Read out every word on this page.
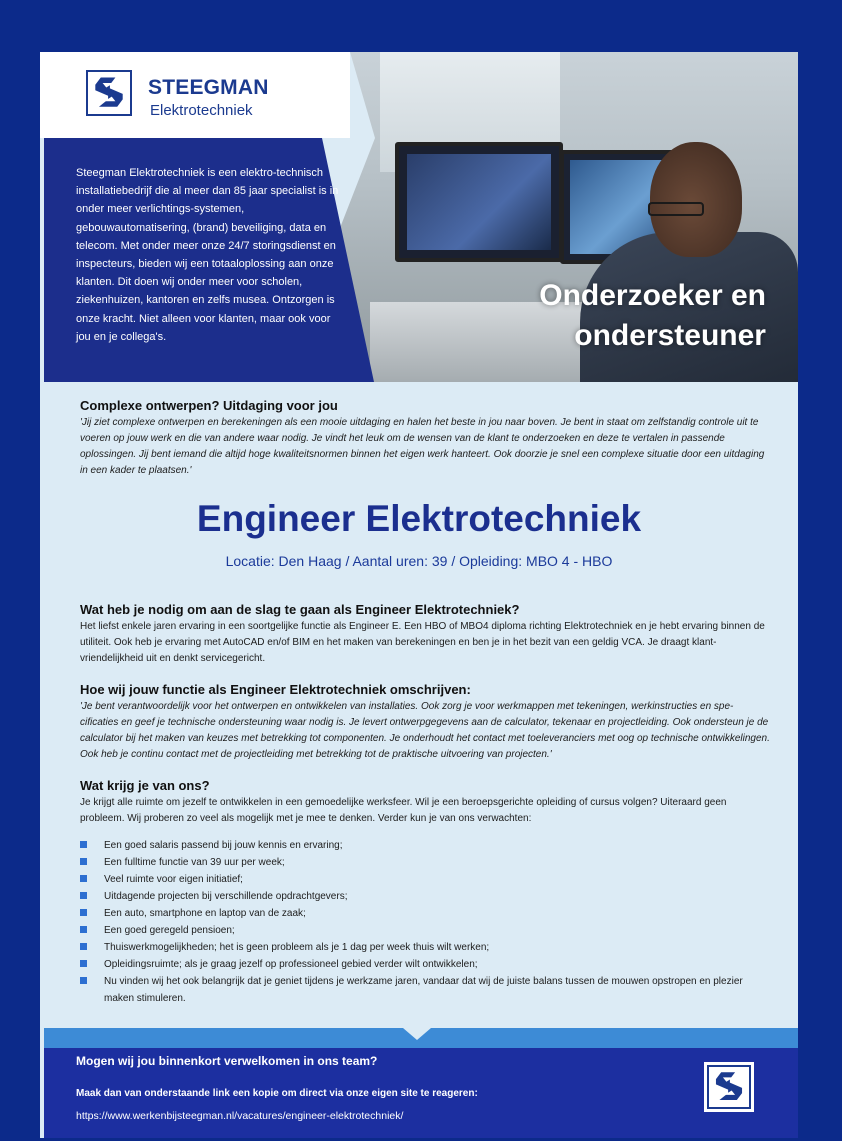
STEEGMAN
Elektrotechniek
Onderzoeker en
ondersteuner
Steegman Elektrotechniek is een elektro-technisch installatiebedrijf die al meer dan 85 jaar specialist is in onder meer verlichtings-systemen, gebouwautomatisering, (brand) beveiliging, data en telecom. Met onder meer onze 24/7 storingsdienst en inspecteurs, bieden wij een totaaloplossing aan onze klanten. Dit doen wij onder meer voor scholen, ziekenhuizen, kantoren en zelfs musea. Ontzorgen is onze kracht. Niet alleen voor klanten, maar ook voor jou en je collega's.
Complexe ontwerpen? Uitdaging voor jou

'Jij ziet complexe ontwerpen en berekeningen als een mooie uitdaging en halen het beste in jou naar boven. Je bent in staat om zelfstandig controle uit te voeren op jouw werk en die van andere waar nodig. Je vindt het leuk om de wensen van de klant te onderzoeken en deze te vertalen in passende oplossingen. Jij bent iemand die altijd hoge kwaliteitsnormen binnen het eigen werk hanteert. Ook doorzie je snel een complexe situatie door een uitdaging in een kader te plaatsen.'

Engineer Elektrotechniek
Locatie: Den Haag / Aantal uren: 39 / Opleiding: MBO 4 - HBO
Wat heb je nodig om aan de slag te gaan als Engineer Elektrotechniek?

Het liefst enkele jaren ervaring in een soortgelijke functie als Engineer E. Een HBO of MBO4 diploma richting Elektrotechniek en je hebt ervaring binnen de utiliteit. Ook heb je ervaring met AutoCAD en/of BIM en het maken van berekeningen en ben je in het bezit van een geldig VCA. Je draagt klant-vriendelijkheid uit en denkt servicegericht.

Hoe wij jouw functie als Engineer Elektrotechniek omschrijven:

'Je bent verantwoordelijk voor het ontwerpen en ontwikkelen van installaties. Ook zorg je voor werkmappen met tekeningen, werkinstructies en spe-cificaties en geef je technische ondersteuning waar nodig is. Je levert ontwerpgegevens aan de calculator, tekenaar en projectleiding. Ook ondersteun je de calculator bij het maken van keuzes met betrekking tot componenten. Je onderhoudt het contact met toeleveranciers met oog op technische ontwikkelingen. Ook heb je continu contact met de projectleiding met betrekking tot de praktische uitvoering van projecten.'

Wat krijg je van ons?

Je krijgt alle ruimte om jezelf te ontwikkelen in een gemoedelijke werksfeer. Wil je een beroepsgerichte opleiding of cursus volgen? Uiteraard geen probleem. Wij proberen zo veel als mogelijk met je mee te denken. Verder kun je van ons verwachten:

Een goed salaris passend bij jouw kennis en ervaring;
Een fulltime functie van 39 uur per week;
Veel ruimte voor eigen initiatief;
Uitdagende projecten bij verschillende opdrachtgevers;
Een auto, smartphone en laptop van de zaak;
Een goed geregeld pensioen;
Thuiswerkmogelijkheden; het is geen probleem als je 1 dag per week thuis wilt werken;
Opleidingsruimte; als je graag jezelf op professioneel gebied verder wilt ontwikkelen;
Nu vinden wij het ook belangrijk dat je geniet tijdens je werkzame jaren, vandaar dat wij de juiste balans tussen de mouwen opstropen en plezier maken stimuleren.
Mogen wij jou binnenkort verwelkomen in ons team?
Maak dan van onderstaande link een kopie om direct via onze eigen site te reageren:
https://www.werkenbijsteegman.nl/vacatures/engineer-elektrotechniek/
